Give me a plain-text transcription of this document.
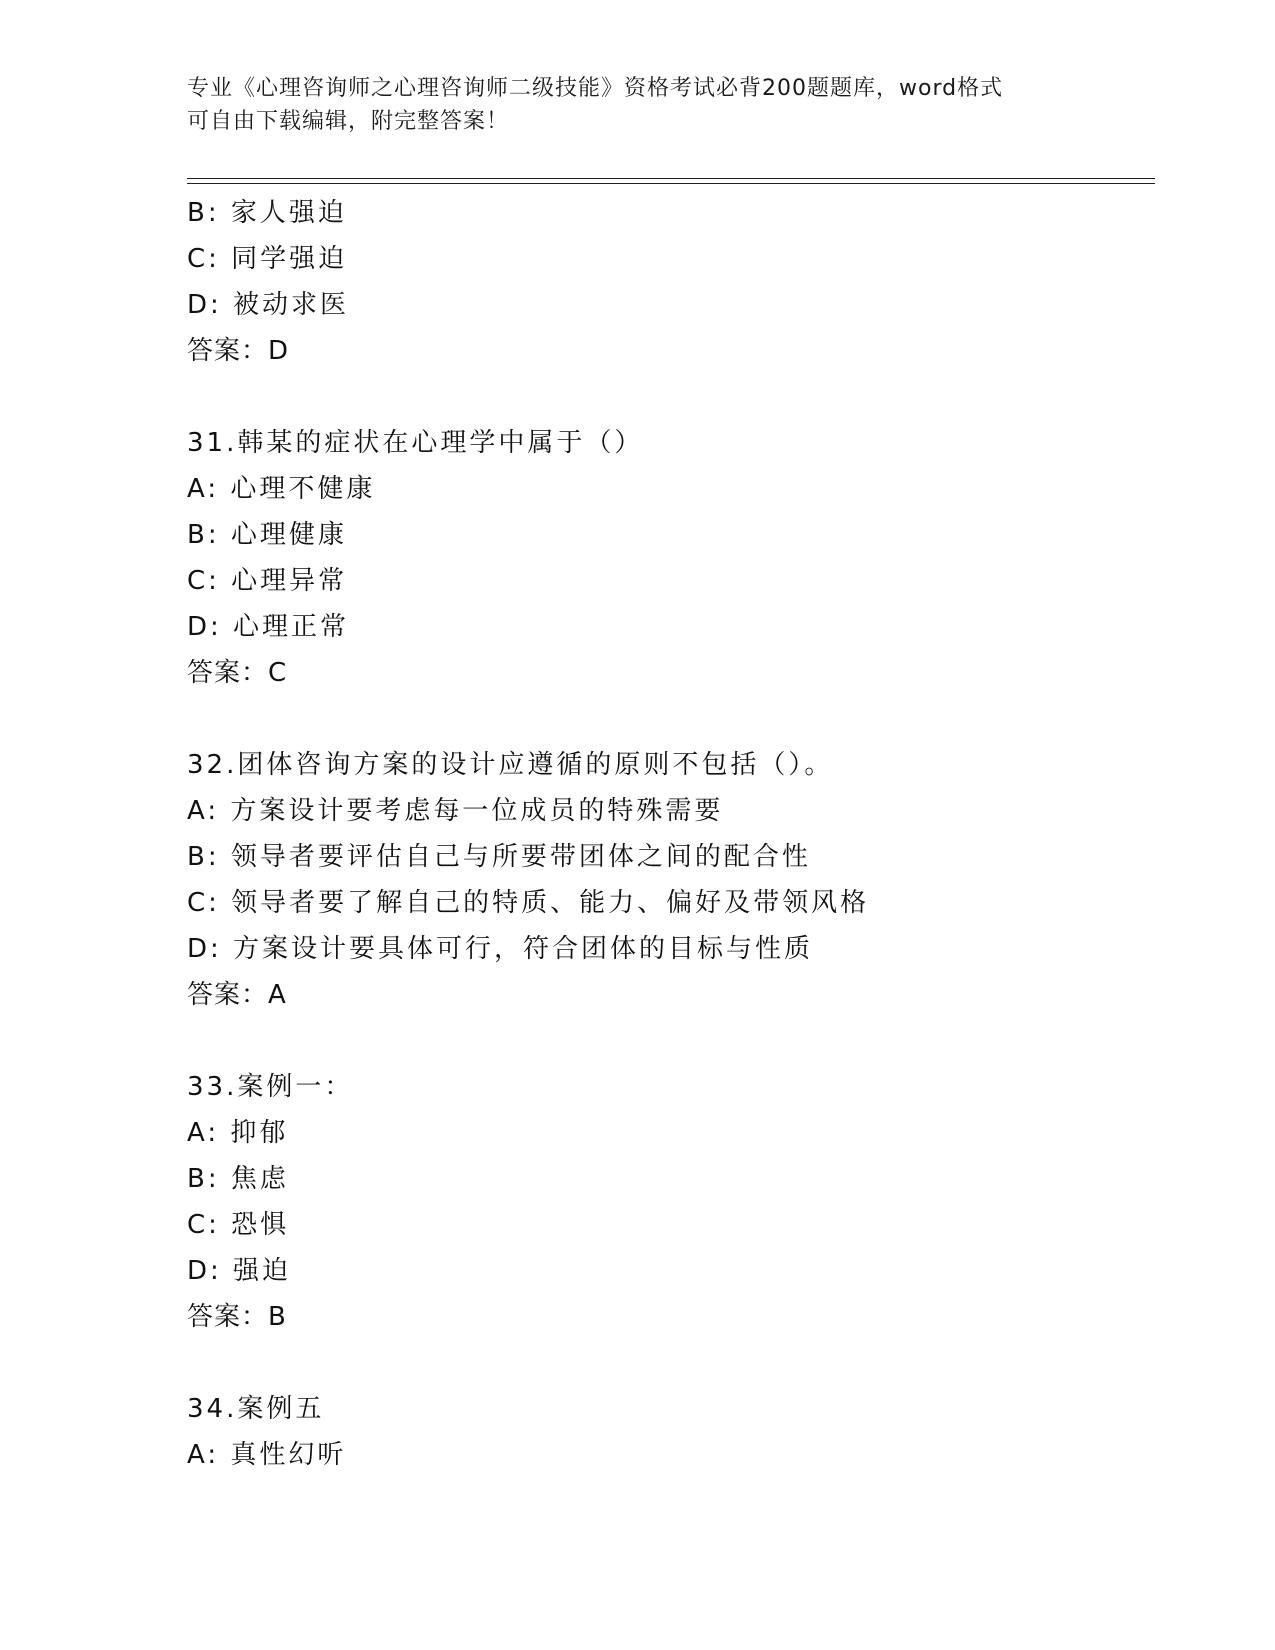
专业《心理咨询师之心理咨询师二级技能》资格考试必背200题题库，word格式
可自由下载编辑，附完整答案！
B: 家人强迫
C: 同学强迫
D: 被动求医
答案：D
31.韩某的症状在心理学中属于（）
A: 心理不健康
B: 心理健康
C: 心理异常
D: 心理正常
答案：C
32.团体咨询方案的设计应遵循的原则不包括（）。
A: 方案设计要考虑每一位成员的特殊需要
B: 领导者要评估自己与所要带团体之间的配合性
C: 领导者要了解自己的特质、能力、偏好及带领风格
D: 方案设计要具体可行，符合团体的目标与性质
答案：A
33.案例一：
A: 抑郁
B: 焦虑
C: 恐惧
D: 强迫
答案：B
34.案例五
A: 真性幻听
